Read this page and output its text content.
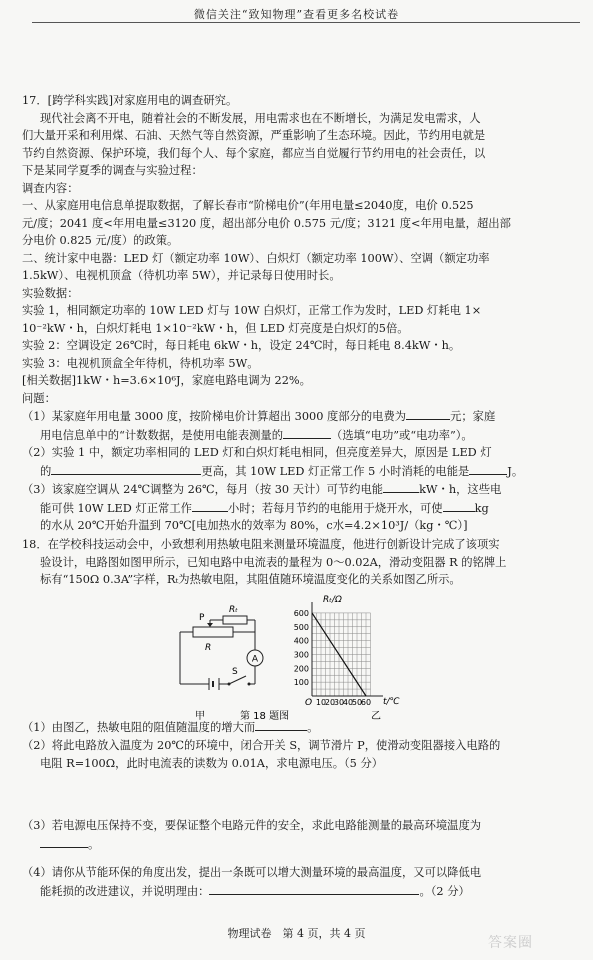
微信关注“致知物理”查看更多名校试卷
17．[跨学科实践]对家庭用电的调查研究。
现代社会离不开电，随着社会的不断发展，用电需求也在不断增长，为满足发电需求，人
们大量开采和利用煤、石油、天然气等自然资源，严重影响了生态环境。因此，节约用电就是
节约自然资源、保护环境，我们每个人、每个家庭，都应当自觉履行节约用电的社会责任，以
下是某同学夏季的调查与实验过程：
调查内容：
一、从家庭用电信息单提取数据，了解长春市“阶梯电价”(年用电量≤2040度，电价 0.525
元/度；2041 度<年用电量≤3120 度，超出部分电价 0.575 元/度；3121 度<年用电量，超出部
分电价 0.825 元/度）的政策。
二、统计家中电器：LED 灯（额定功率 10W）、白炽灯（额定功率 100W）、空调（额定功率
1.5kW）、电视机顶盒（待机功率 5W），并记录每日使用时长。
实验数据：
实验 1，相同额定功率的 10W LED 灯与 10W 白炽灯，正常工作为发时，LED 灯耗电 1×
10⁻²kW・h，白炽灯耗电 1×10⁻²kW・h，但 LED 灯亮度是白炽灯的5倍。
实验 2：空调设定 26℃时，每日耗电 6kW・h，设定 24℃时，每日耗电 8.4kW・h。
实验 3：电视机顶盒全年待机，待机功率 5W。
[相关数据]1kW・h=3.6×10⁶J，家庭电路电调为 22%。
问题：
（1）某家庭年用电量 3000 度，按阶梯电价计算超出 3000 度部分的电费为	元；家庭
用电信息单中的“计数数据，是使用电能表测量的	（选填“电功”或“电功率”）。
（2）实验 1 中，额定功率相同的 LED 灯和白炽灯耗电相同，但亮度差异大，原因是 LED 灯
的	更高，其 10W LED 灯正常工作 5 小时消耗的电能是	J。
（3）该家庭空调从 24℃调整为 26℃，每月（按 30 天计）可节约电能	kW・h，这些电
能可供 10W LED 灯正常工作	小时；若每月节约的电能用于烧开水，可使	kg
的水从 20℃开始升温到 70℃[电加热水的效率为 80%，c水=4.2×10³J/（kg・℃）]
18．在学校科技运动会中，小致想利用热敏电阻来测量环境温度，他进行创新设计完成了该项实
验设计，电路图如图甲所示，已知电路中电流表的量程为 0～0.02A，滑动变阻器 R 的铭牌上
标有“150Ω 0.3A”字样，Rₜ为热敏电阻，其阻值随环境温度变化的关系如图乙所示。
A
P
R
Rₜ
S
Rₜ/Ω
100
200
300
400
500
600
10
20
30
40
50
60
O	t/℃
甲	第 18 题图	乙
（1）由图乙，热敏电阻的阻值随温度的增大而	。
（2）将此电路放入温度为 20℃的环境中，闭合开关 S，调节滑片 P，使滑动变阻器接入电路的
电阻 R=100Ω，此时电流表的读数为 0.01A，求电源电压。（5 分）
（3）若电源电压保持不变，要保证整个电路元件的安全，求此电路能测量的最高环境温度为
。
（4）请你从节能环保的角度出发，提出一条既可以增大测量环境的最高温度，又可以降低电
能耗损的改进建议，并说明理由：	。（2 分）
物理试卷　第 4 页，共 4 页
答案圈
